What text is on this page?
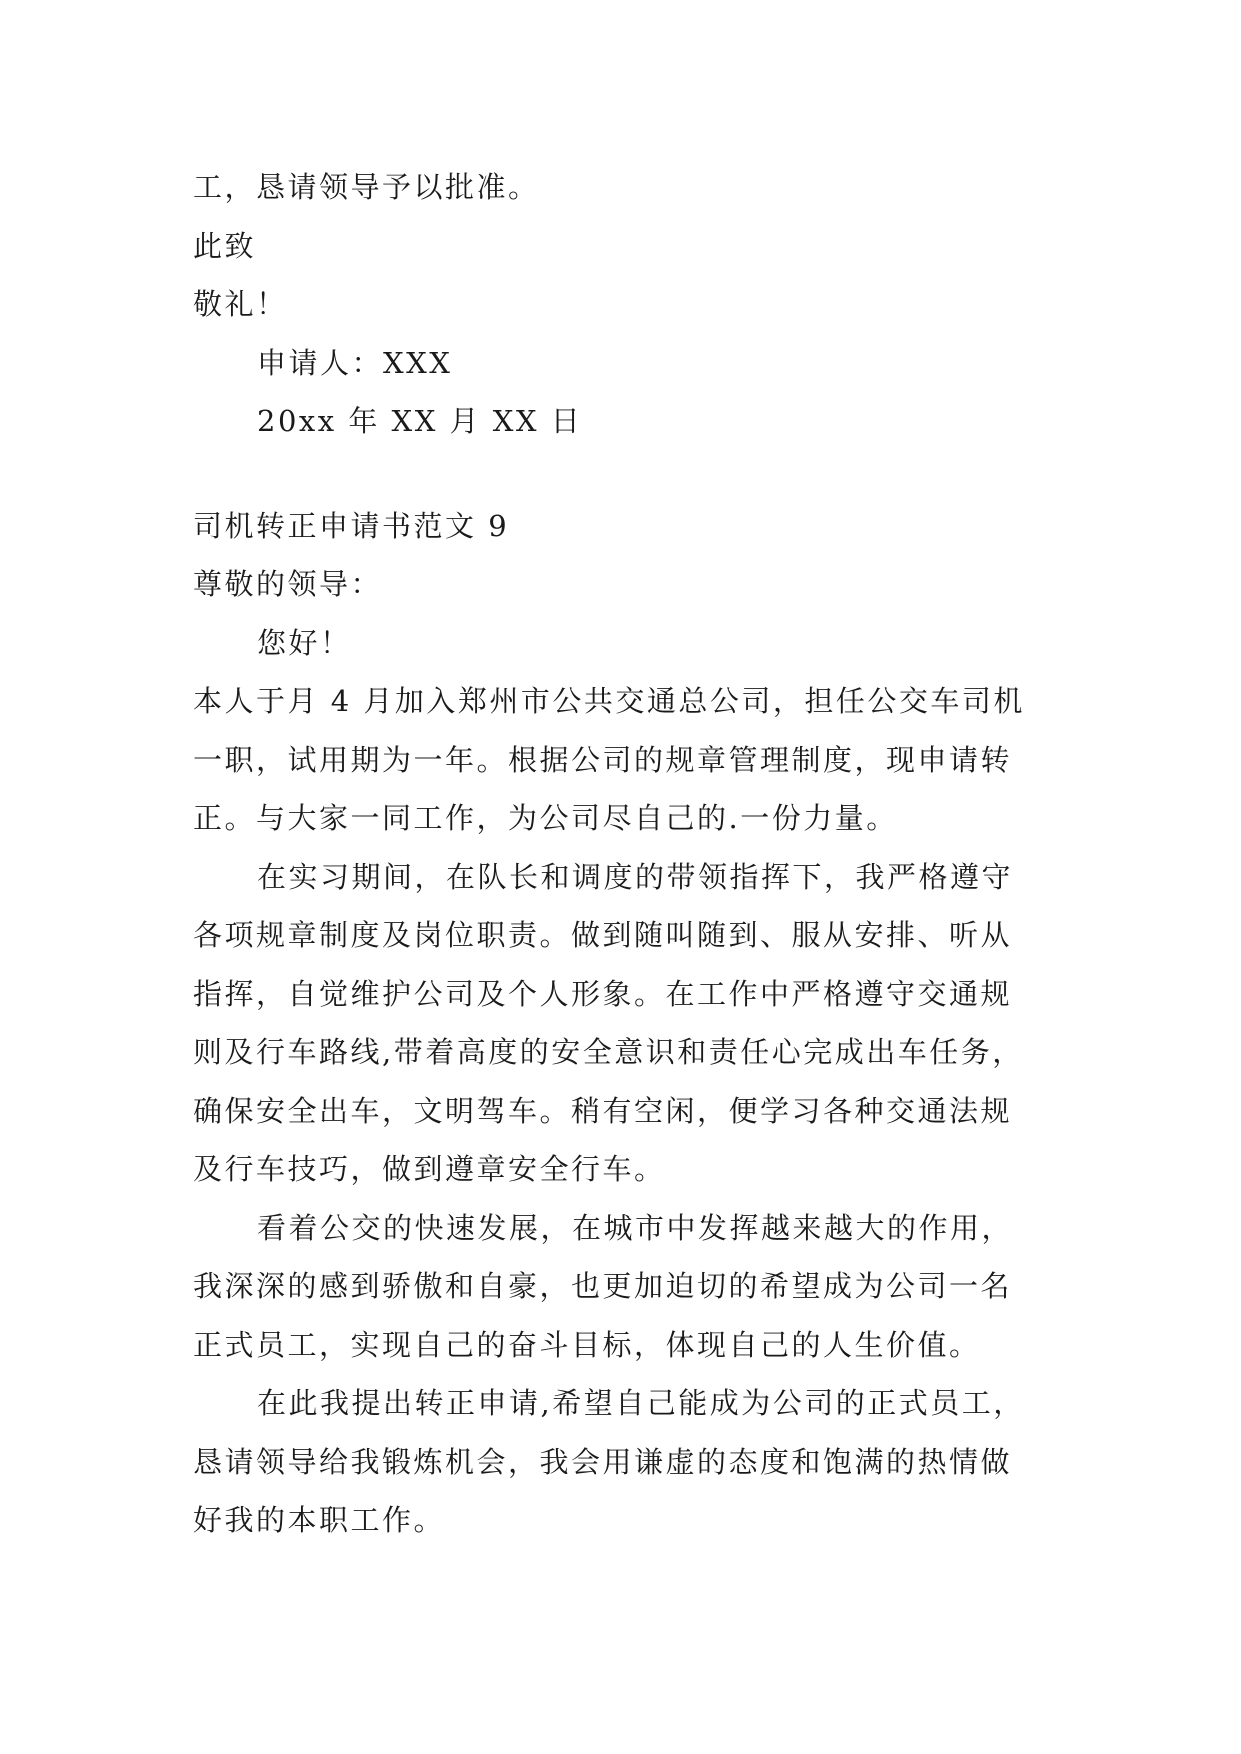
工，恳请领导予以批准。
此致
敬礼！
申请人：XXX
20xx 年 XX 月 XX 日
司机转正申请书范文 9
尊敬的领导：
您好！
本人于月 4 月加入郑州市公共交通总公司，担任公交车司机
一职，试用期为一年。根据公司的规章管理制度，现申请转
正。与大家一同工作，为公司尽自己的.一份力量。
在实习期间，在队长和调度的带领指挥下，我严格遵守
各项规章制度及岗位职责。做到随叫随到、服从安排、听从
指挥，自觉维护公司及个人形象。在工作中严格遵守交通规
则及行车路线,带着高度的安全意识和责任心完成出车任务，
确保安全出车，文明驾车。稍有空闲，便学习各种交通法规
及行车技巧，做到遵章安全行车。
看着公交的快速发展，在城市中发挥越来越大的作用，
我深深的感到骄傲和自豪，也更加迫切的希望成为公司一名
正式员工，实现自己的奋斗目标，体现自己的人生价值。
在此我提出转正申请,希望自己能成为公司的正式员工，
恳请领导给我锻炼机会，我会用谦虚的态度和饱满的热情做
好我的本职工作。
